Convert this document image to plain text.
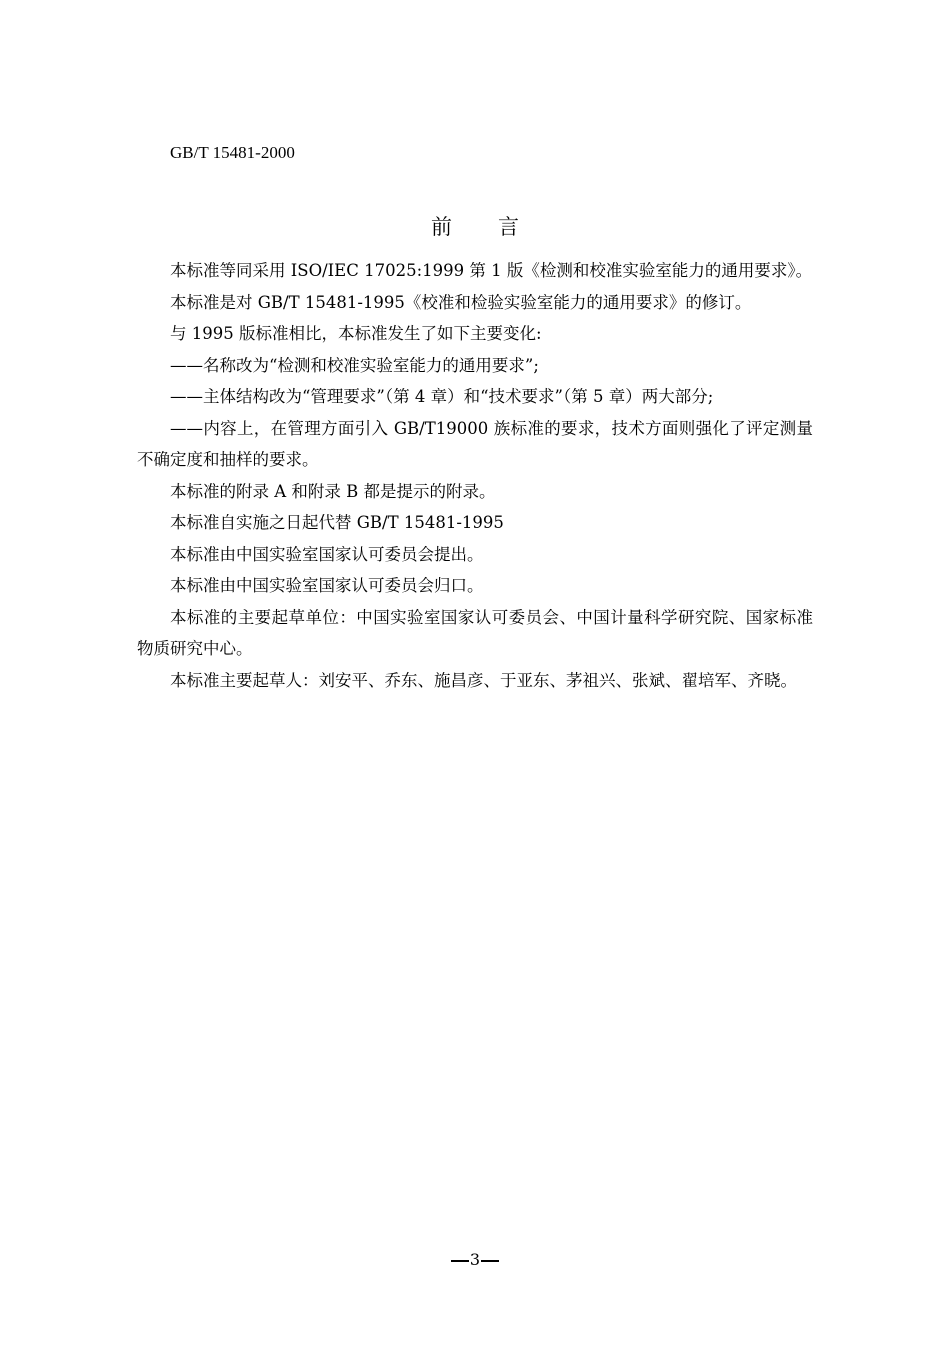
GB/T 15481-2000
前 言

本标准等同采用 ISO/IEC 17025:1999 第 1 版《检测和校准实验室能力的通用要求》。

本标准是对 GB/T 15481-1995《校准和检验实验室能力的通用要求》的修订。

与 1995 版标准相比，本标准发生了如下主要变化:

——名称改为“检测和校准实验室能力的通用要求”;

——主体结构改为“管理要求”（第 4 章）和“技术要求”（第 5 章）两大部分;

——内容上，在管理方面引入 GB/T19000 族标准的要求，技术方面则强化了评定测量不确定度和抽样的要求。

本标准的附录 A 和附录 B 都是提示的附录。

本标准自实施之日起代替 GB/T 15481-1995

本标准由中国实验室国家认可委员会提出。

本标准由中国实验室国家认可委员会归口。

本标准的主要起草单位：中国实验室国家认可委员会、中国计量科学研究院、国家标准物质研究中心。

本标准主要起草人：刘安平、乔东、施昌彦、于亚东、茅祖兴、张斌、翟培军、齐晓。

3
